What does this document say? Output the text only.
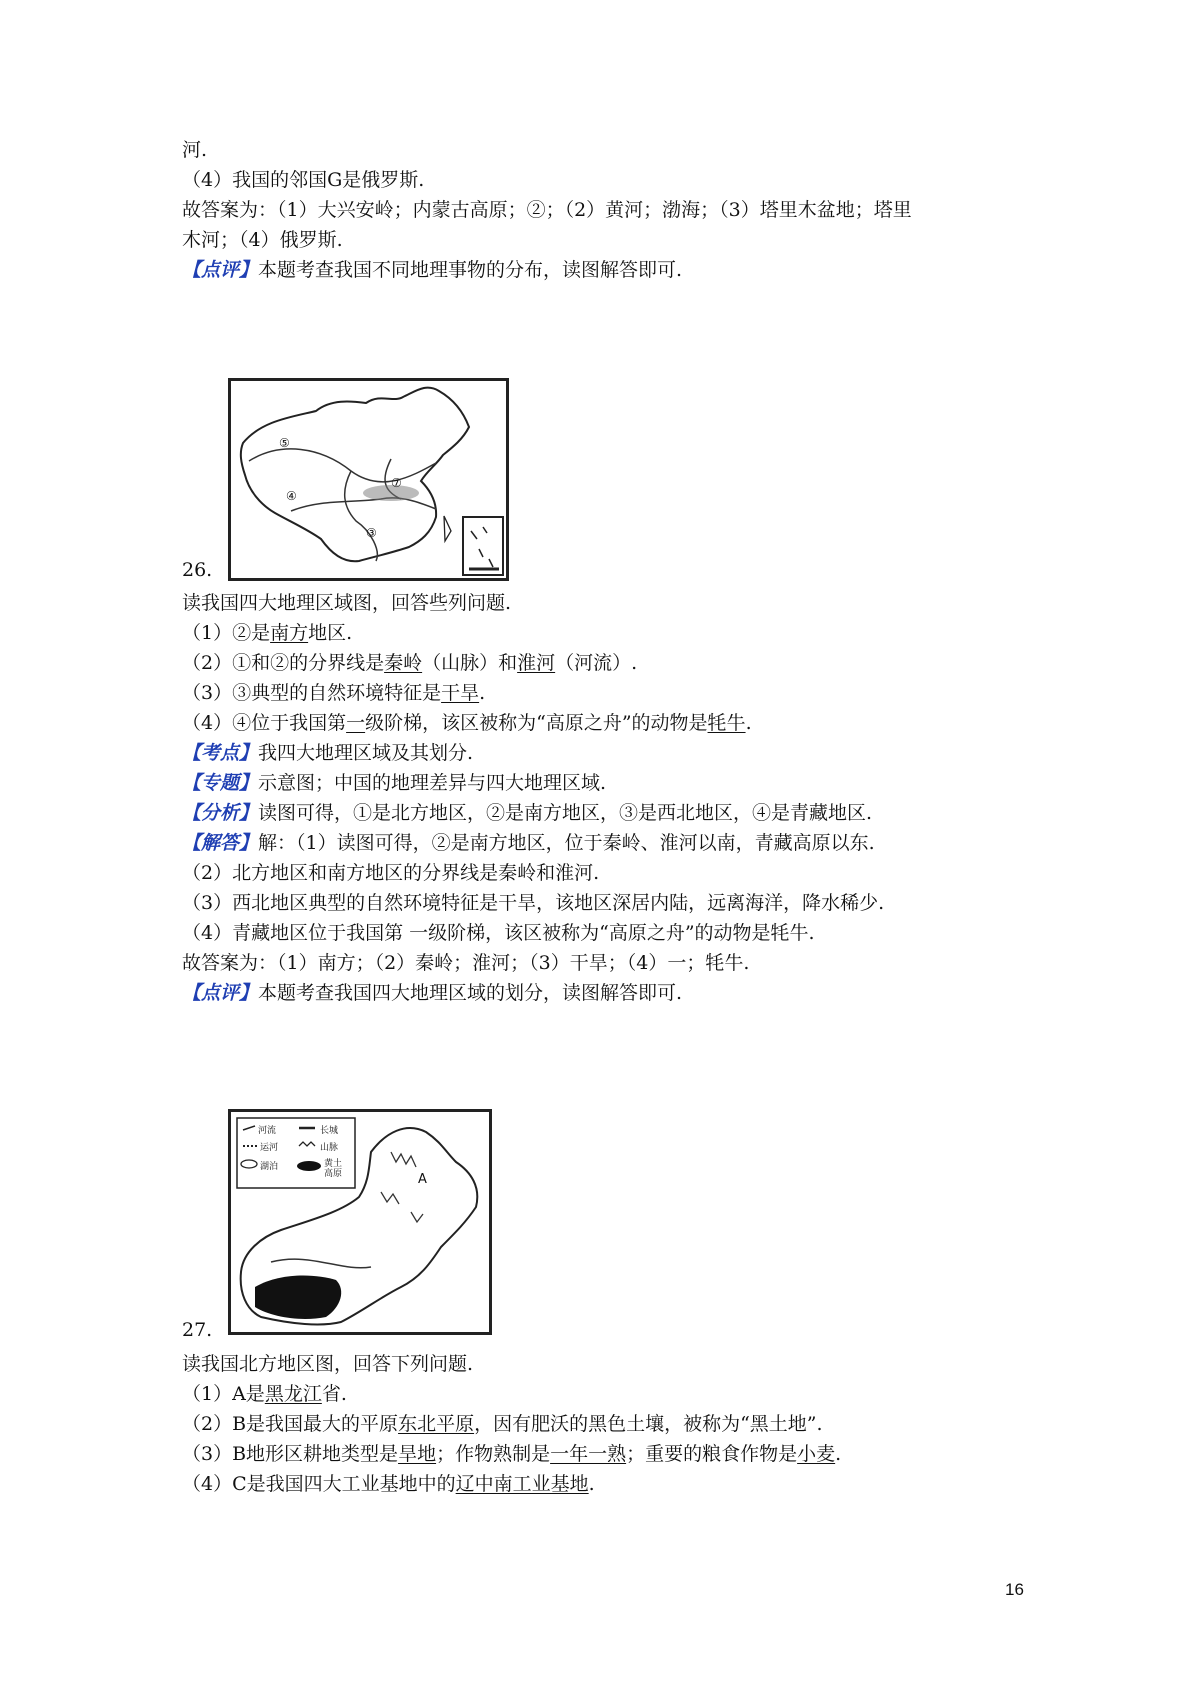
河.
（4）我国的邻国G是俄罗斯.
故答案为：（1）大兴安岭；内蒙古高原；②；（2）黄河；渤海；（3）塔里木盆地；塔里
木河；（4）俄罗斯.
【点评】本题考查我国不同地理事物的分布，读图解答即可.
⑤
⑦
④
③
26.
读我国四大地理区域图，回答些列问题.
（1）②是南方地区.
（2）①和②的分界线是秦岭（山脉）和淮河（河流）.
（3）③典型的自然环境特征是干旱.
（4）④位于我国第一级阶梯，该区被称为“高原之舟”的动物是牦牛.
【考点】我四大地理区域及其划分.
【专题】示意图；中国的地理差异与四大地理区域.
【分析】读图可得，①是北方地区，②是南方地区，③是西北地区，④是青藏地区.
【解答】解：（1）读图可得，②是南方地区，位于秦岭、淮河以南，青藏高原以东.
（2）北方地区和南方地区的分界线是秦岭和淮河.
（3）西北地区典型的自然环境特征是干旱，该地区深居内陆，远离海洋，降水稀少.
（4）青藏地区位于我国第 一级阶梯，该区被称为“高原之舟”的动物是牦牛.
故答案为：（1）南方；（2）秦岭；淮河；（3）干旱；（4）一；牦牛.
【点评】本题考查我国四大地理区域的划分，读图解答即可.
河流	长城
运河	山脉
湖泊	黄土高原	A
27.
读我国北方地区图，回答下列问题.
（1）A是黑龙江省.
（2）B是我国最大的平原东北平原，因有肥沃的黑色土壤，被称为“黑土地”.
（3）B地形区耕地类型是旱地；作物熟制是一年一熟；重要的粮食作物是小麦.
（4）C是我国四大工业基地中的辽中南工业基地.
16
